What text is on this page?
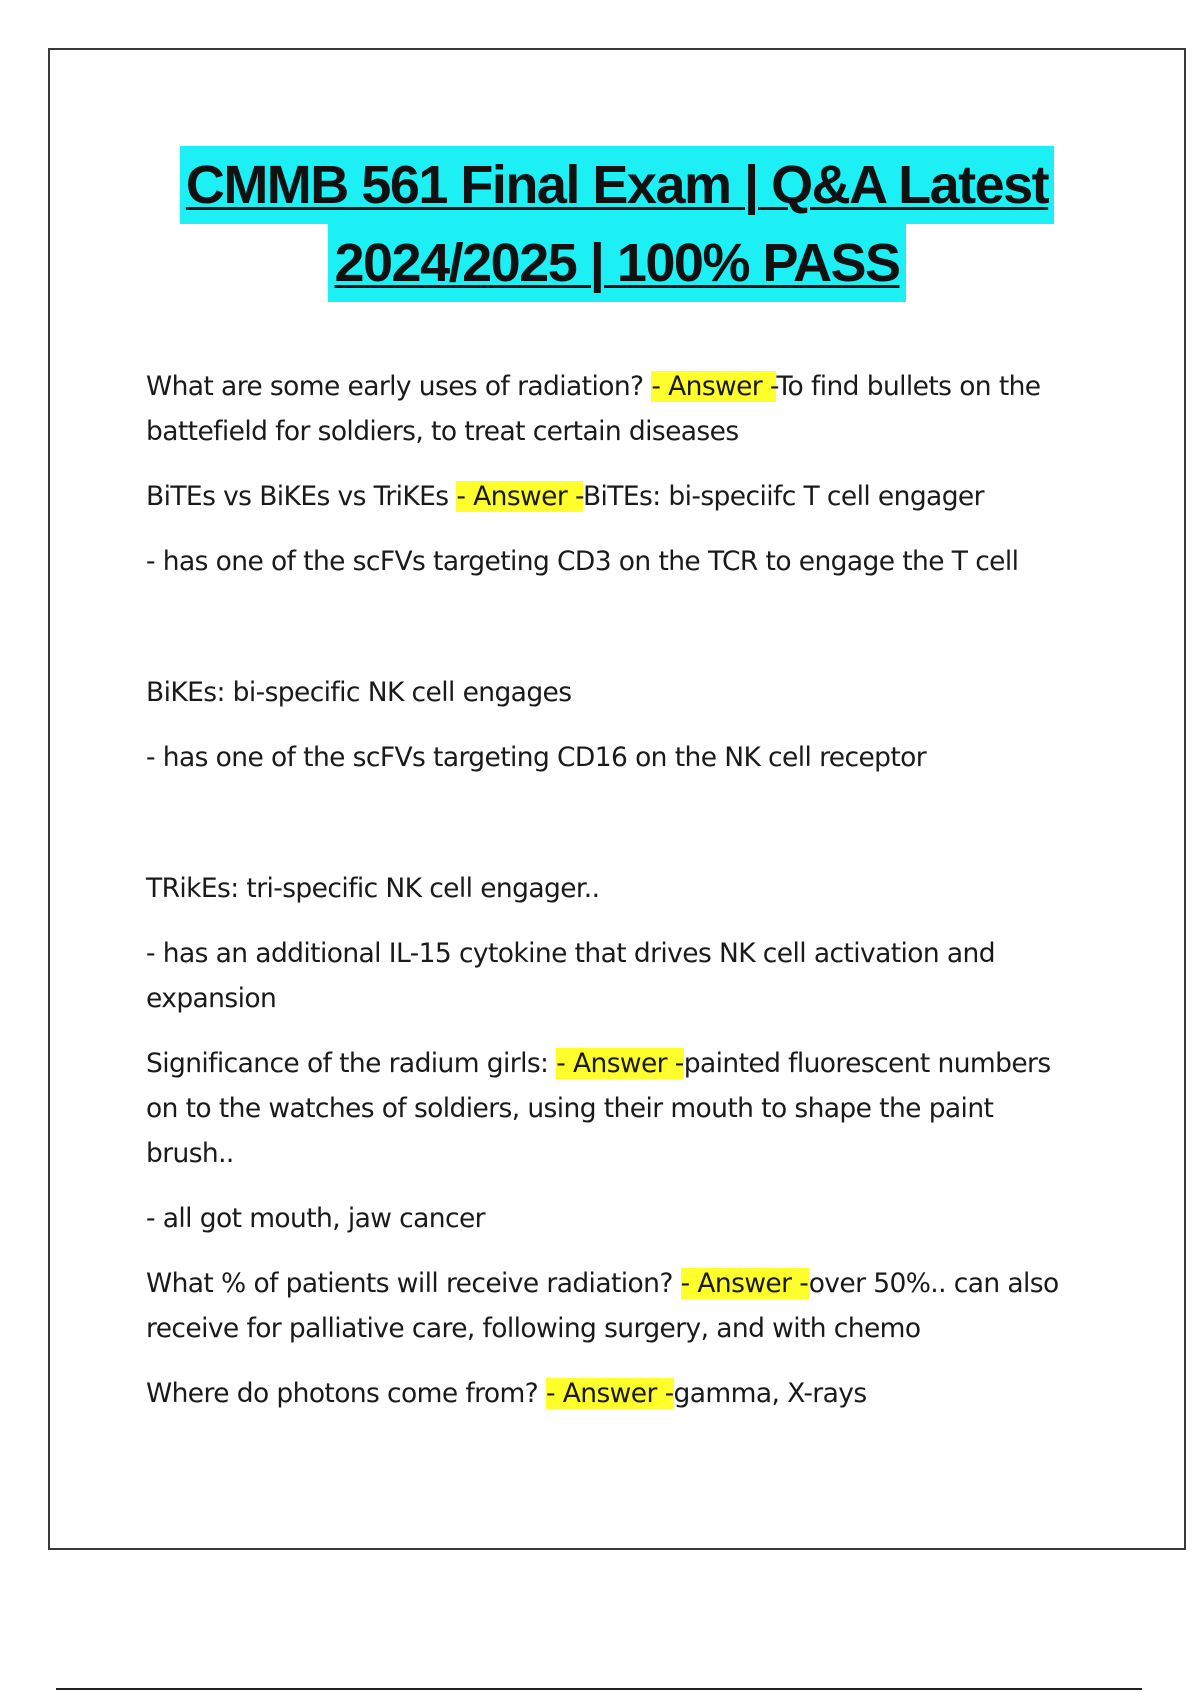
CMMB 561 Final Exam | Q&A Latest
2024/2025 | 100% PASS

What are some early uses of radiation? - Answer -To find bullets on the battefield for soldiers, to treat certain diseases

BiTEs vs BiKEs vs TriKEs - Answer -BiTEs: bi-speciifc T cell engager

- has one of the scFVs targeting CD3 on the TCR to engage the T cell

BiKEs: bi-specific NK cell engages

- has one of the scFVs targeting CD16 on the NK cell receptor

TRikEs: tri-specific NK cell engager..

- has an additional IL-15 cytokine that drives NK cell activation and expansion

Significance of the radium girls: - Answer -painted fluorescent numbers on to the watches of soldiers, using their mouth to shape the paint brush..

- all got mouth, jaw cancer

What % of patients will receive radiation? - Answer -over 50%.. can also receive for palliative care, following surgery, and with chemo

Where do photons come from? - Answer -gamma, X-rays
